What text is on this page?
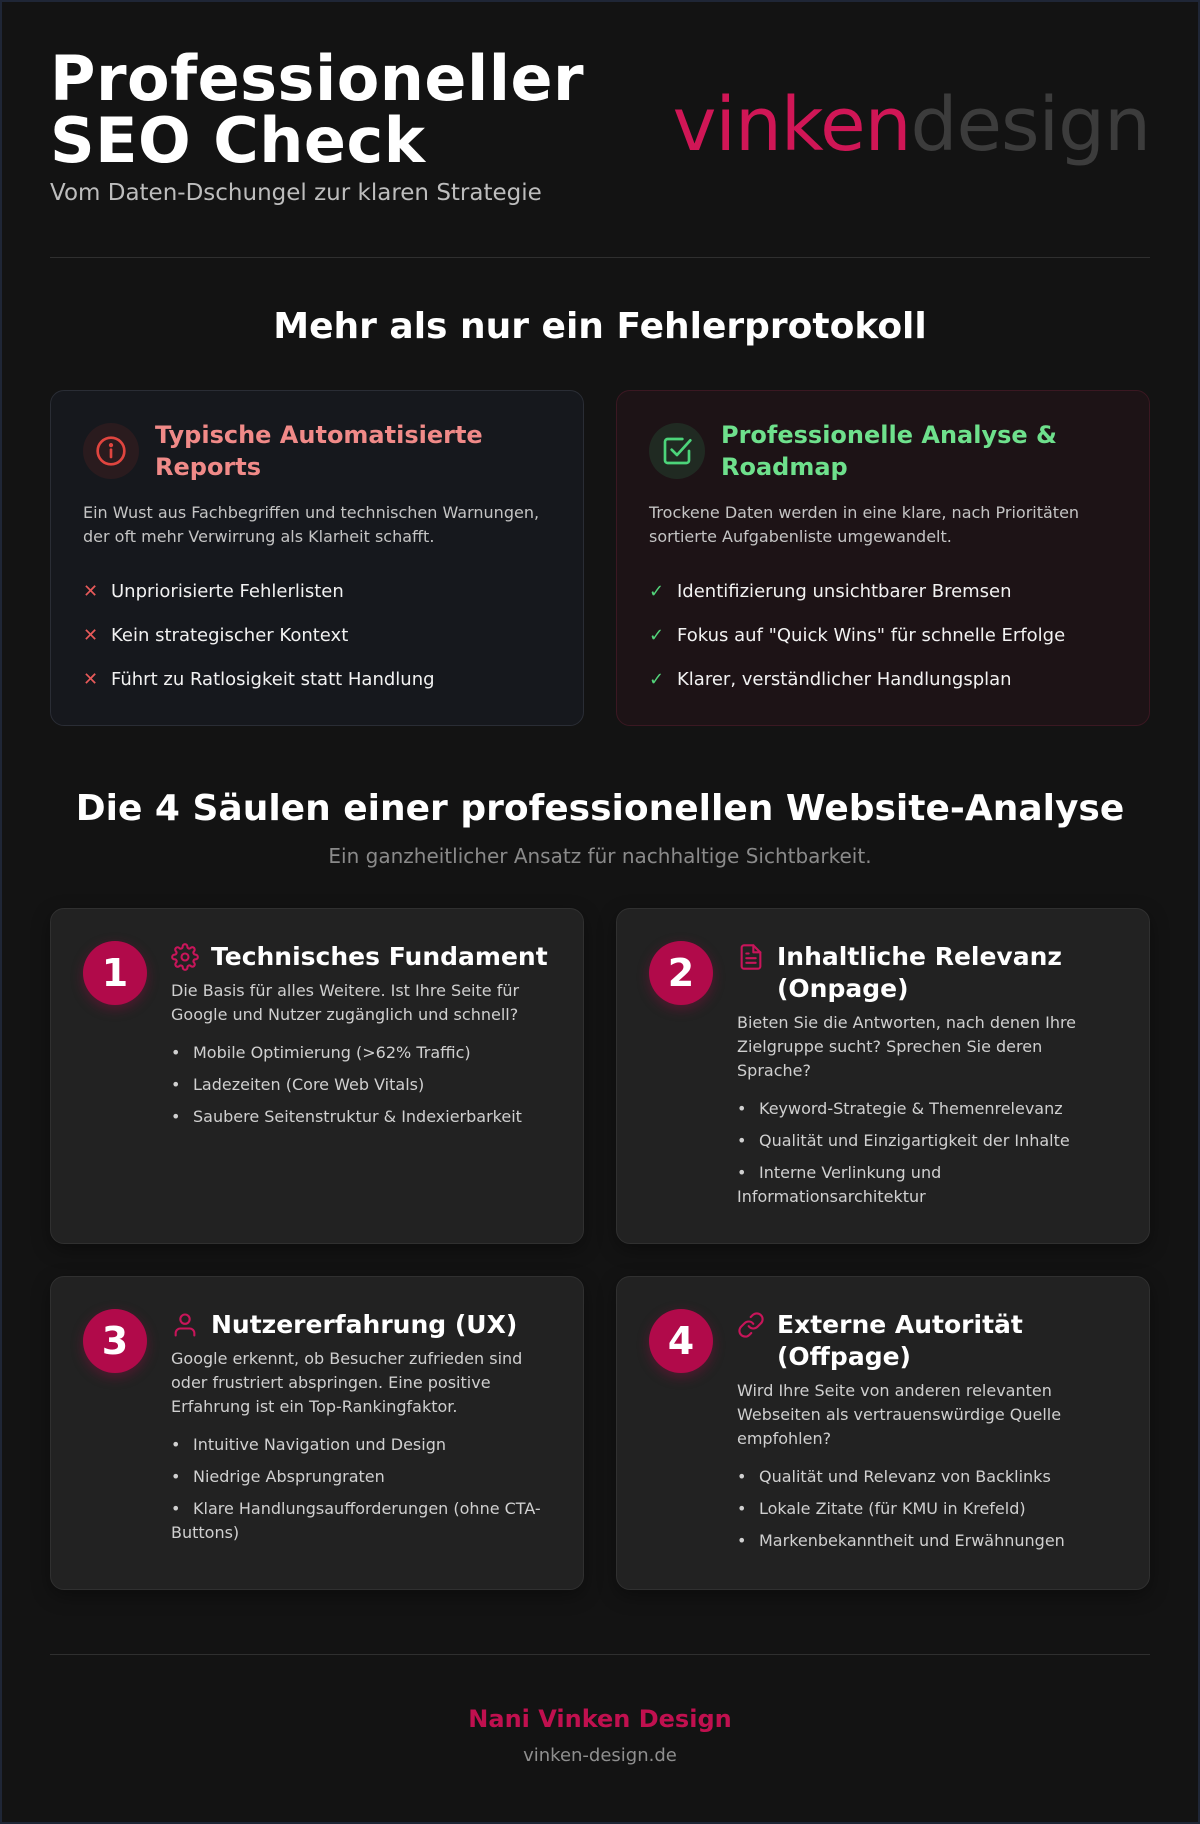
Professioneller SEO Check

Vom Daten-Dschungel zur klaren Strategie

vinkendesign
Mehr als nur ein Fehlerprotokoll
Typische Automatisierte Reports
Ein Wust aus Fachbegriffen und technischen Warnungen, der oft mehr Verwirrung als Klarheit schafft.
✕ Unpriorisierte Fehlerlisten
✕ Kein strategischer Kontext
✕ Führt zu Ratlosigkeit statt Handlung
Professionelle Analyse & Roadmap
Trockene Daten werden in eine klare, nach Prioritäten sortierte Aufgabenliste umgewandelt.
✓ Identifizierung unsichtbarer Bremsen
✓ Fokus auf "Quick Wins" für schnelle Erfolge
✓ Klarer, verständlicher Handlungsplan
Die 4 Säulen einer professionellen Website-Analyse
Ein ganzheitlicher Ansatz für nachhaltige Sichtbarkeit.
1	Technisches Fundament
Die Basis für alles Weitere. Ist Ihre Seite für Google und Nutzer zugänglich und schnell?
• Mobile Optimierung (>62% Traffic)
• Ladezeiten (Core Web Vitals)
• Saubere Seitenstruktur & Indexierbarkeit
2	Inhaltliche Relevanz (Onpage)
Bieten Sie die Antworten, nach denen Ihre Zielgruppe sucht? Sprechen Sie deren Sprache?
• Keyword-Strategie & Themenrelevanz
• Qualität und Einzigartigkeit der Inhalte
• Interne Verlinkung und Informationsarchitektur
3	Nutzererfahrung (UX)
Google erkennt, ob Besucher zufrieden sind oder frustriert abspringen. Eine positive Erfahrung ist ein Top-Rankingfaktor.
• Intuitive Navigation und Design
• Niedrige Absprungraten
• Klare Handlungsaufforderungen (ohne CTA-Buttons)
4	Externe Autorität (Offpage)
Wird Ihre Seite von anderen relevanten Webseiten als vertrauenswürdige Quelle empfohlen?
• Qualität und Relevanz von Backlinks
• Lokale Zitate (für KMU in Krefeld)
• Markenbekanntheit und Erwähnungen
Nani Vinken Design
vinken-design.de
